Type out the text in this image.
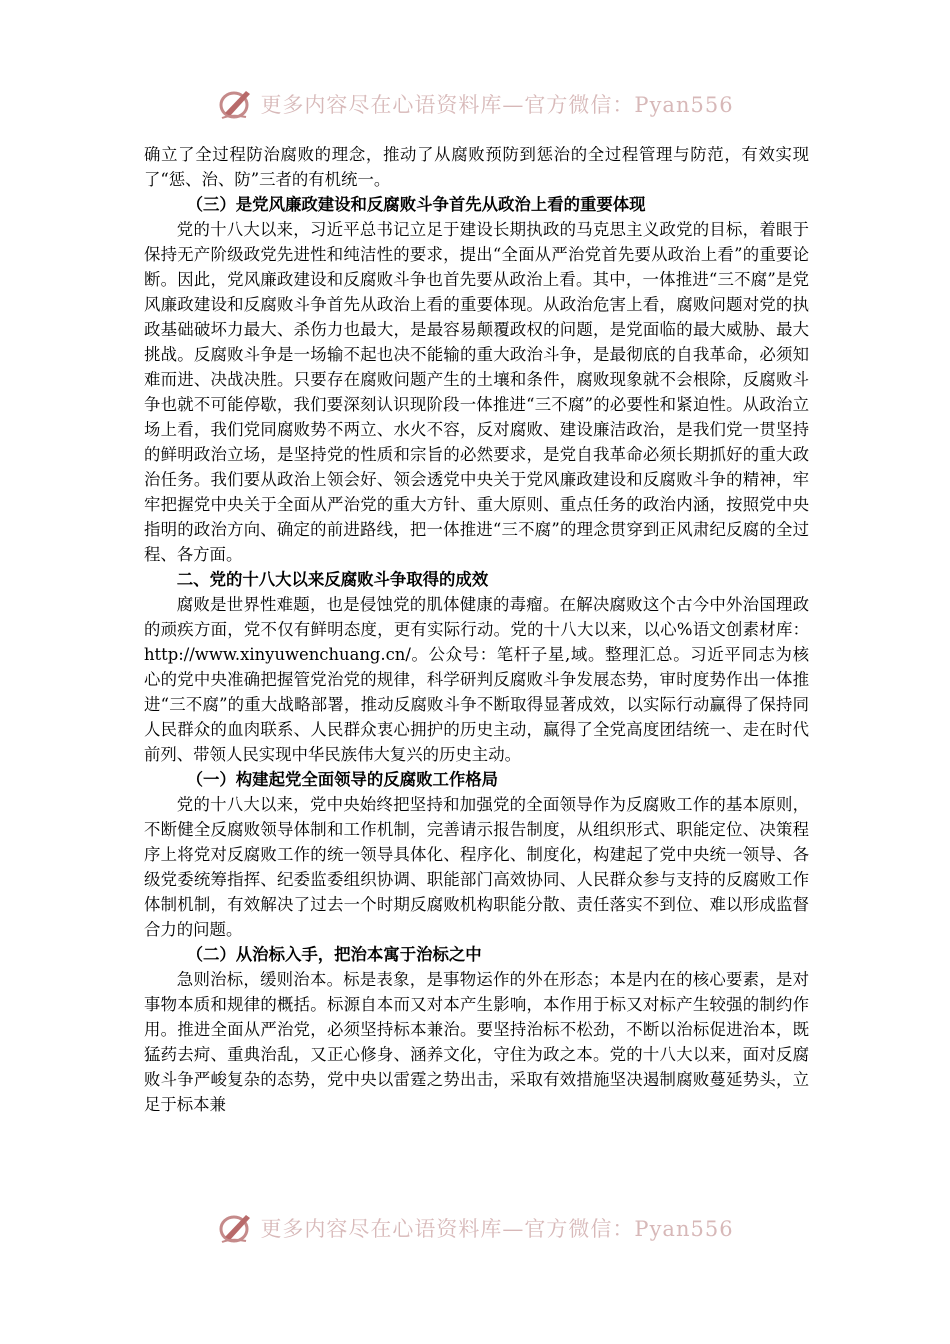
更多内容尽在心语资料库—官方微信：Pyan556

确立了全过程防治腐败的理念，推动了从腐败预防到惩治的全过程管理与防范，有效实现了“惩、治、防”三者的有机统一。

（三）是党风廉政建设和反腐败斗争首先从政治上看的重要体现

党的十八大以来，习近平总书记立足于建设长期执政的马克思主义政党的目标，着眼于保持无产阶级政党先进性和纯洁性的要求，提出“全面从严治党首先要从政治上看”的重要论断。因此，党风廉政建设和反腐败斗争也首先要从政治上看。其中，一体推进“三不腐”是党风廉政建设和反腐败斗争首先从政治上看的重要体现。从政治危害上看，腐败问题对党的执政基础破坏力最大、杀伤力也最大，是最容易颠覆政权的问题，是党面临的最大威胁、最大挑战。反腐败斗争是一场输不起也决不能输的重大政治斗争，是最彻底的自我革命，必须知难而进、决战决胜。只要存在腐败问题产生的土壤和条件，腐败现象就不会根除，反腐败斗争也就不可能停歇，我们要深刻认识现阶段一体推进“三不腐”的必要性和紧迫性。从政治立场上看，我们党同腐败势不两立、水火不容，反对腐败、建设廉洁政治，是我们党一贯坚持的鲜明政治立场，是坚持党的性质和宗旨的必然要求，是党自我革命必须长期抓好的重大政治任务。我们要从政治上领会好、领会透党中央关于党风廉政建设和反腐败斗争的精神，牢牢把握党中央关于全面从严治党的重大方针、重大原则、重点任务的政治内涵，按照党中央指明的政治方向、确定的前进路线，把一体推进“三不腐”的理念贯穿到正风肃纪反腐的全过程、各方面。

二、党的十八大以来反腐败斗争取得的成效

腐败是世界性难题，也是侵蚀党的肌体健康的毒瘤。在解决腐败这个古今中外治国理政的顽疾方面，党不仅有鲜明态度，更有实际行动。党的十八大以来，以心%语文创素材库：http://www.xinyuwenchuang.cn/。公众号：笔杆子星,域。整理汇总。习近平同志为核心的党中央准确把握管党治党的规律，科学研判反腐败斗争发展态势，审时度势作出一体推进“三不腐”的重大战略部署，推动反腐败斗争不断取得显著成效，以实际行动赢得了保持同人民群众的血肉联系、人民群众衷心拥护的历史主动，赢得了全党高度团结统一、走在时代前列、带领人民实现中华民族伟大复兴的历史主动。

（一）构建起党全面领导的反腐败工作格局

党的十八大以来，党中央始终把坚持和加强党的全面领导作为反腐败工作的基本原则，不断健全反腐败领导体制和工作机制，完善请示报告制度，从组织形式、职能定位、决策程序上将党对反腐败工作的统一领导具体化、程序化、制度化，构建起了党中央统一领导、各级党委统筹指挥、纪委监委组织协调、职能部门高效协同、人民群众参与支持的反腐败工作体制机制，有效解决了过去一个时期反腐败机构职能分散、责任落实不到位、难以形成监督合力的问题。

（二）从治标入手，把治本寓于治标之中

急则治标，缓则治本。标是表象，是事物运作的外在形态；本是内在的核心要素，是对事物本质和规律的概括。标源自本而又对本产生影响，本作用于标又对标产生较强的制约作用。推进全面从严治党，必须坚持标本兼治。要坚持治标不松劲，不断以治标促进治本，既猛药去疴、重典治乱，又正心修身、涵养文化，守住为政之本。党的十八大以来，面对反腐败斗争严峻复杂的态势，党中央以雷霆之势出击，采取有效措施坚决遏制腐败蔓延势头，立足于标本兼

更多内容尽在心语资料库—官方微信：Pyan556
